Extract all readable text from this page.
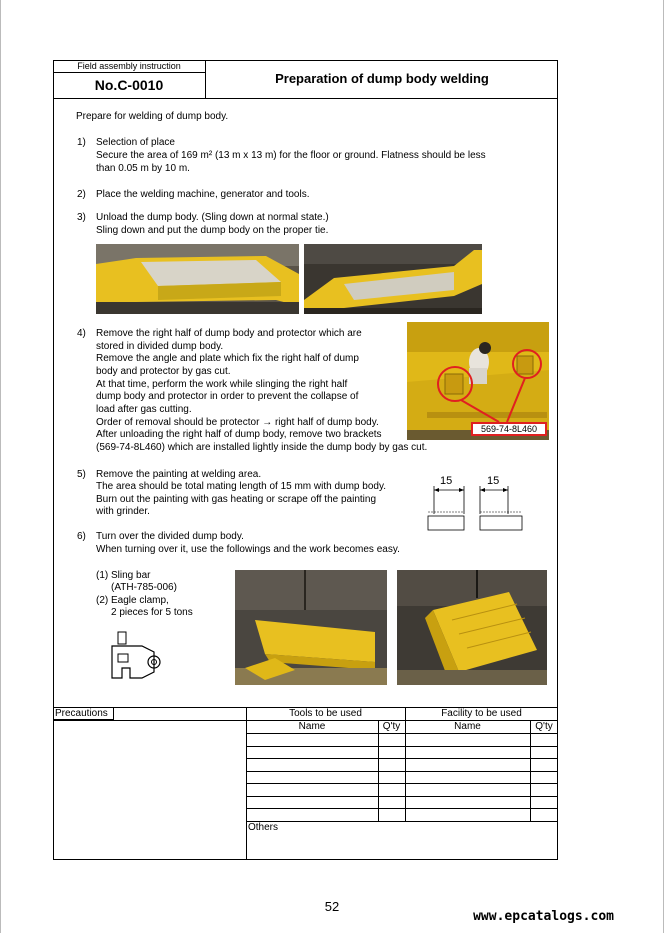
Field assembly instruction
No.C-0010	Preparation of dump body welding
Prepare for welding of dump body.
1) Selection of place
Secure the area of 169 m² (13 m x 13 m) for the floor or ground. Flatness should be less
than 0.05 m by 10 m.
2) Place the welding machine, generator and tools.
3) Unload the dump body. (Sling down at normal state.)
Sling down and put the dump body on the proper tie.
4) Remove the right half of dump body and protector which are
stored in divided dump body.
Remove the angle and plate which fix the right half of dump
body and protector by gas cut.
At that time, perform the work while slinging the right half
dump body and protector in order to prevent the collapse of
load after gas cutting.
Order of removal should be protector → right half of dump body.
After unloading the right half of dump body, remove two brackets
(569-74-8L460) which are installed lightly inside the dump body by gas cut.
569-74-8L460
5) Remove the painting at welding area.
The area should be total mating length of 15 mm with dump body.
Burn out the painting with gas heating or scrape off the painting
with grinder.
15	15
6) Turn over the divided dump body.
When turning over it, use the followings and the work becomes easy.
(1) Sling bar
(ATH-785-006)
(2) Eagle clamp,
2 pieces for 5 tons
Precautions	Tools to be used	Facility to be used
Name	Q'ty	Name	Q'ty
Others
52
www.epcatalogs.com
